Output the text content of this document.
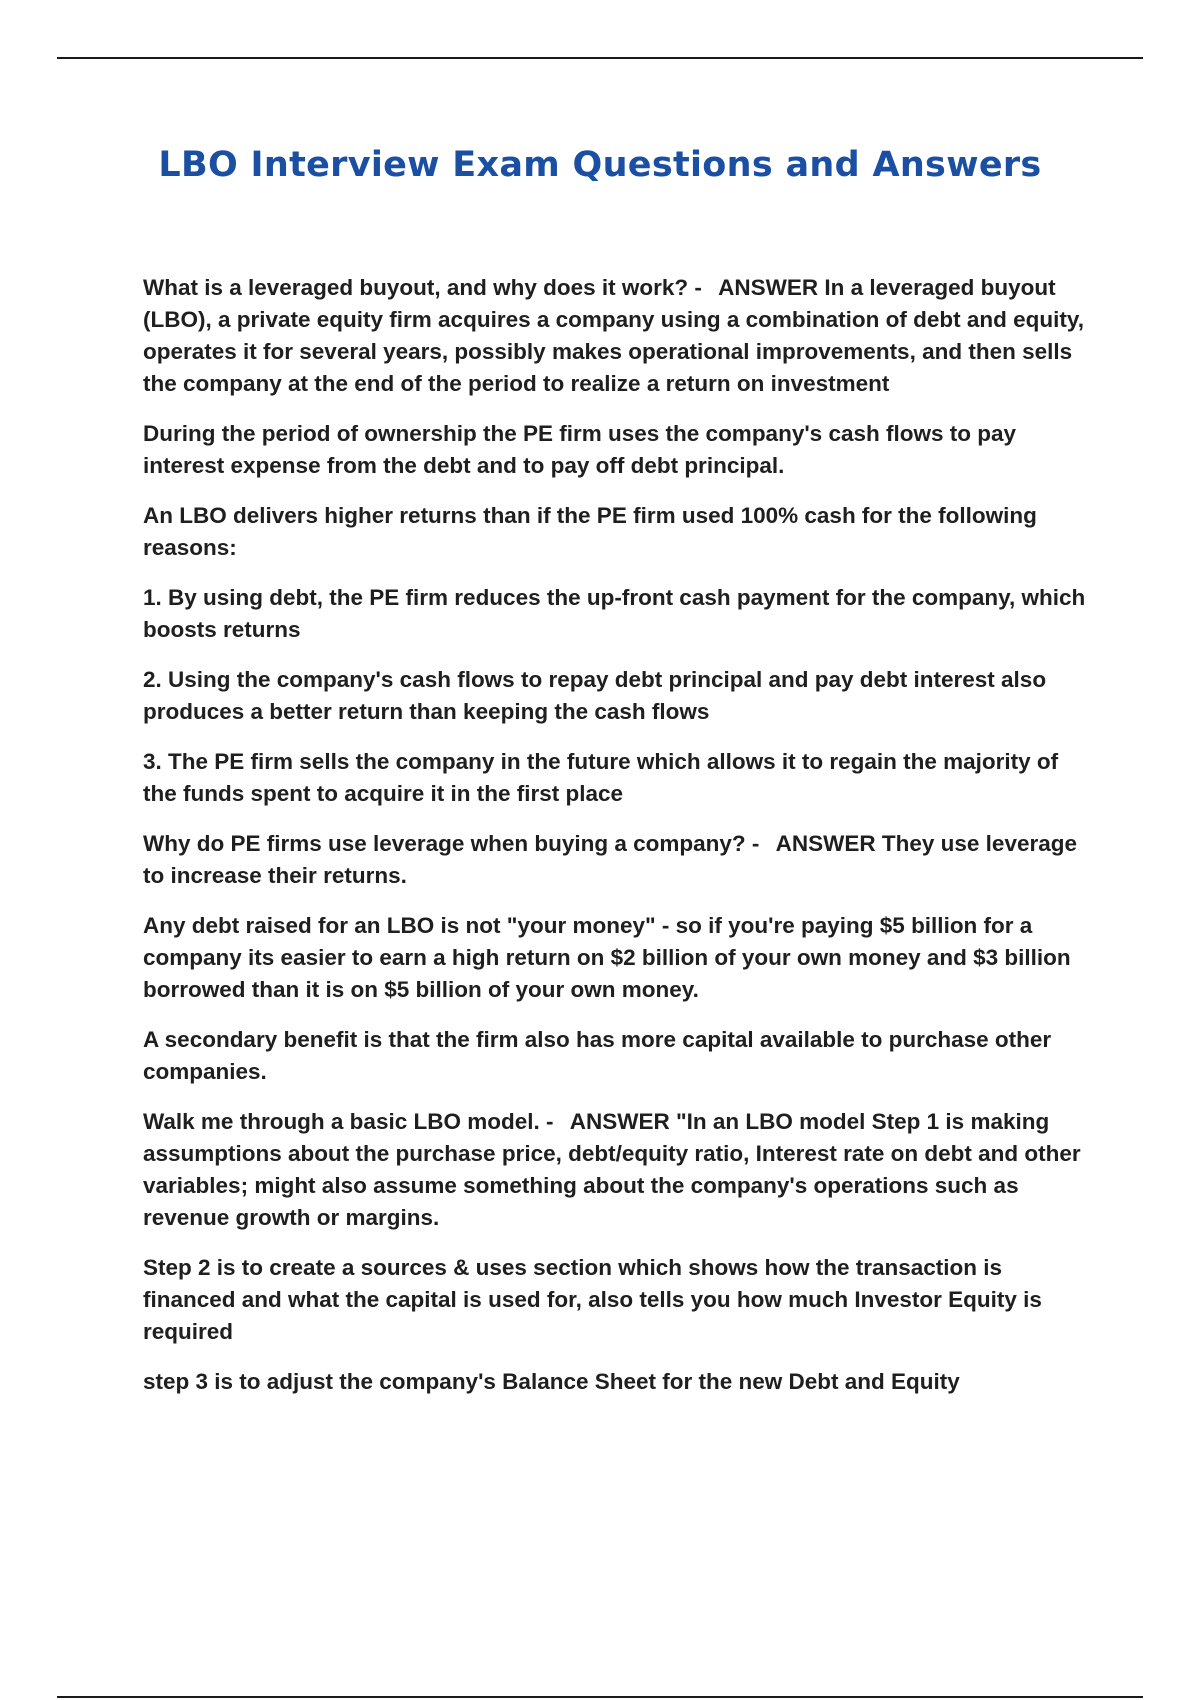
LBO Interview Exam Questions and Answers

What is a leveraged buyout, and why does it work? - ANSWER In a leveraged buyout (LBO), a private equity firm acquires a company using a combination of debt and equity, operates it for several years, possibly makes operational improvements, and then sells the company at the end of the period to realize a return on investment

During the period of ownership the PE firm uses the company's cash flows to pay interest expense from the debt and to pay off debt principal.

An LBO delivers higher returns than if the PE firm used 100% cash for the following reasons:

1. By using debt, the PE firm reduces the up-front cash payment for the company, which boosts returns

2. Using the company's cash flows to repay debt principal and pay debt interest also produces a better return than keeping the cash flows

3. The PE firm sells the company in the future which allows it to regain the majority of the funds spent to acquire it in the first place

Why do PE firms use leverage when buying a company? - ANSWER They use leverage to increase their returns.

Any debt raised for an LBO is not "your money" - so if you're paying $5 billion for a company its easier to earn a high return on $2 billion of your own money and $3 billion borrowed than it is on $5 billion of your own money.

A secondary benefit is that the firm also has more capital available to purchase other companies.

Walk me through a basic LBO model. - ANSWER "In an LBO model Step 1 is making assumptions about the purchase price, debt/equity ratio, Interest rate on debt and other variables; might also assume something about the company's operations such as revenue growth or margins.

Step 2 is to create a sources & uses section which shows how the transaction is financed and what the capital is used for, also tells you how much Investor Equity is required

step 3 is to adjust the company's Balance Sheet for the new Debt and Equity
